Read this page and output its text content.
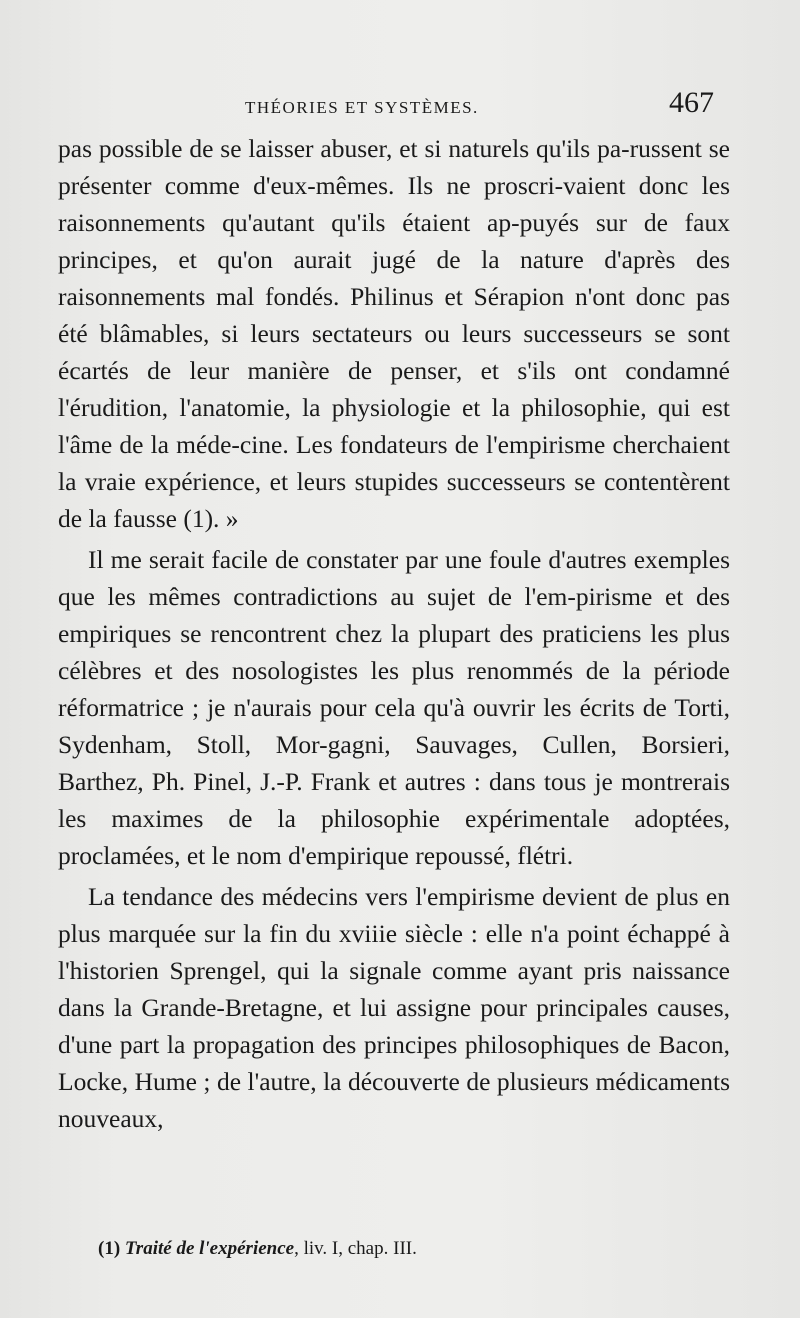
THÉORIES ET SYSTÈMES.	467

pas possible de se laisser abuser, et si naturels qu'ils pa-russent se présenter comme d'eux-mêmes. Ils ne proscri-vaient donc les raisonnements qu'autant qu'ils étaient ap-puyés sur de faux principes, et qu'on aurait jugé de la nature d'après des raisonnements mal fondés. Philinus et Sérapion n'ont donc pas été blâmables, si leurs sectateurs ou leurs successeurs se sont écartés de leur manière de penser, et s'ils ont condamné l'érudition, l'anatomie, la physiologie et la philosophie, qui est l'âme de la méde-cine. Les fondateurs de l'empirisme cherchaient la vraie expérience, et leurs stupides successeurs se contentèrent de la fausse (1). »

Il me serait facile de constater par une foule d'autres exemples que les mêmes contradictions au sujet de l'em-pirisme et des empiriques se rencontrent chez la plupart des praticiens les plus célèbres et des nosologistes les plus renommés de la période réformatrice ; je n'aurais pour cela qu'à ouvrir les écrits de Torti, Sydenham, Stoll, Mor-gagni, Sauvages, Cullen, Borsieri, Barthez, Ph. Pinel, J.-P. Frank et autres : dans tous je montrerais les maximes de la philosophie expérimentale adoptées, proclamées, et le nom d'empirique repoussé, flétri.

La tendance des médecins vers l'empirisme devient de plus en plus marquée sur la fin du xviiie siècle : elle n'a point échappé à l'historien Sprengel, qui la signale comme ayant pris naissance dans la Grande-Bretagne, et lui assigne pour principales causes, d'une part la propagation des principes philosophiques de Bacon, Locke, Hume ; de l'autre, la découverte de plusieurs médicaments nouveaux,

(1) Traité de l'expérience, liv. I, chap. III.
